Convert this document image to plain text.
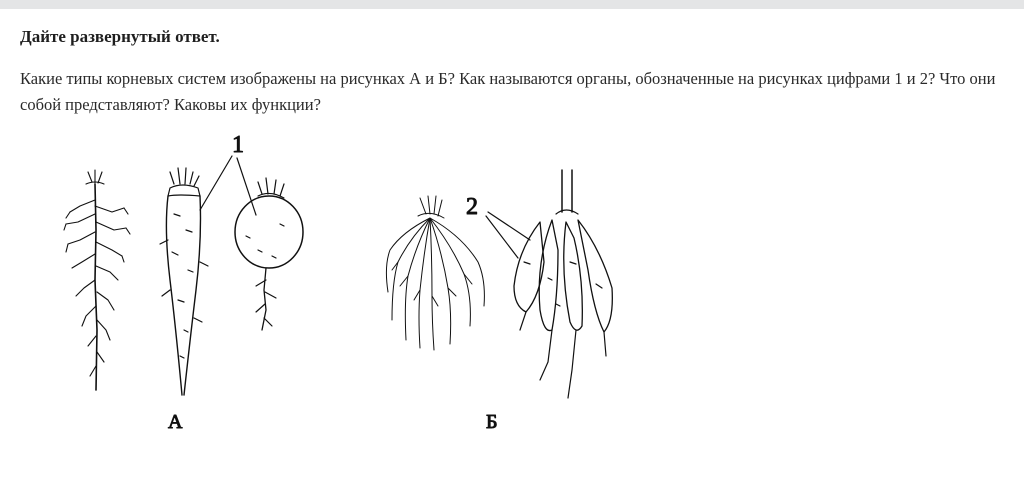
Дайте развернутый ответ.
Какие типы корневых систем изображены на рисунках А и Б? Как называются органы, обозначенные на рисунках цифрами 1 и 2? Что они собой представляют? Каковы их функции?
1
2
А	Б
